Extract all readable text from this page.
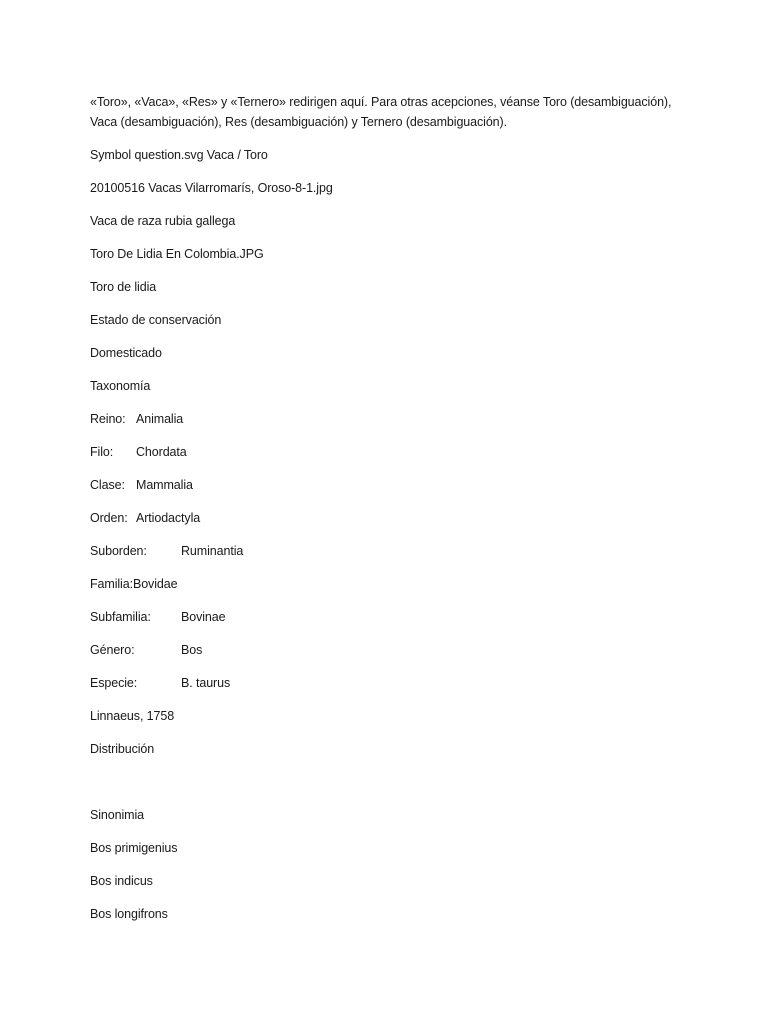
«Toro», «Vaca», «Res» y «Ternero» redirigen aquí. Para otras acepciones, véanse Toro (desambiguación), Vaca (desambiguación), Res (desambiguación) y Ternero (desambiguación).

Symbol question.svg Vaca / Toro

20100516 Vacas Vilarromarís, Oroso-8-1.jpg

Vaca de raza rubia gallega

Toro De Lidia En Colombia.JPG

Toro de lidia

Estado de conservación

Domesticado

Taxonomía

Reino: Animalia
Filo:	Chordata
Clase: Mammalia
Orden: Artiodactyla
Suborden:	Ruminantia
Familia: Bovidae
Subfamilia:	Bovinae
Género:	Bos
Especie:	B. taurus

Linnaeus, 1758

Distribución

Sinonimia

Bos primigenius

Bos indicus

Bos longifrons
